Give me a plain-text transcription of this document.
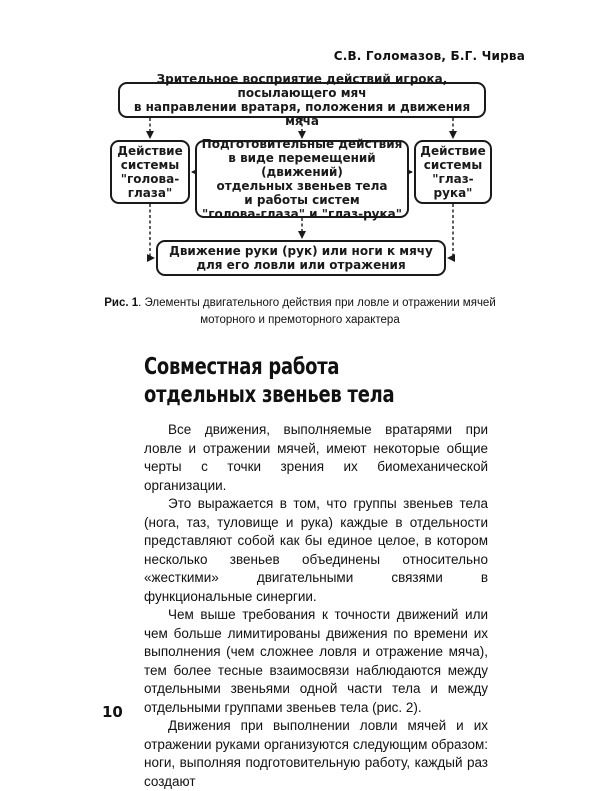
С.В. Голомазов, Б.Г. Чирва
Зрительное восприятие действий игрока, посылающего мяч
в направлении вратаря, положения и движения мяча
Действие
системы
"голова-
глаза"
Подготовительные действия
в виде перемещений (движений)
отдельных звеньев тела
и работы систем
"голова-глаза" и "глаз-рука"
Действие
системы
"глаз-
рука"
Движение руки (рук) или ноги к мячу
для его ловли или отражения
Рис. 1. Элементы двигательного действия при ловле и отражении мячей моторного и премоторного характера
Совместная работа
отдельных звеньев тела

Все движения, выполняемые вратарями при ловле и отражении мячей, имеют некоторые общие черты с точки зрения их биомеханической организации.

Это выражается в том, что группы звеньев тела (нога, таз, туловище и рука) каждые в отдельности представляют собой как бы единое целое, в котором несколько звеньев объединены относительно «жесткими» двигательными связями в функциональные синергии.

Чем выше требования к точности движений или чем больше лимитированы движения по времени их выполнения (чем сложнее ловля и отражение мяча), тем более тесные взаимосвязи наблюдаются между отдельными звеньями одной части тела и между отдельными группами звеньев тела (рис. 2).

Движения при выполнении ловли мячей и их отражении руками организуются следующим образом: ноги, выполняя подготовительную работу, каждый раз создают

10
